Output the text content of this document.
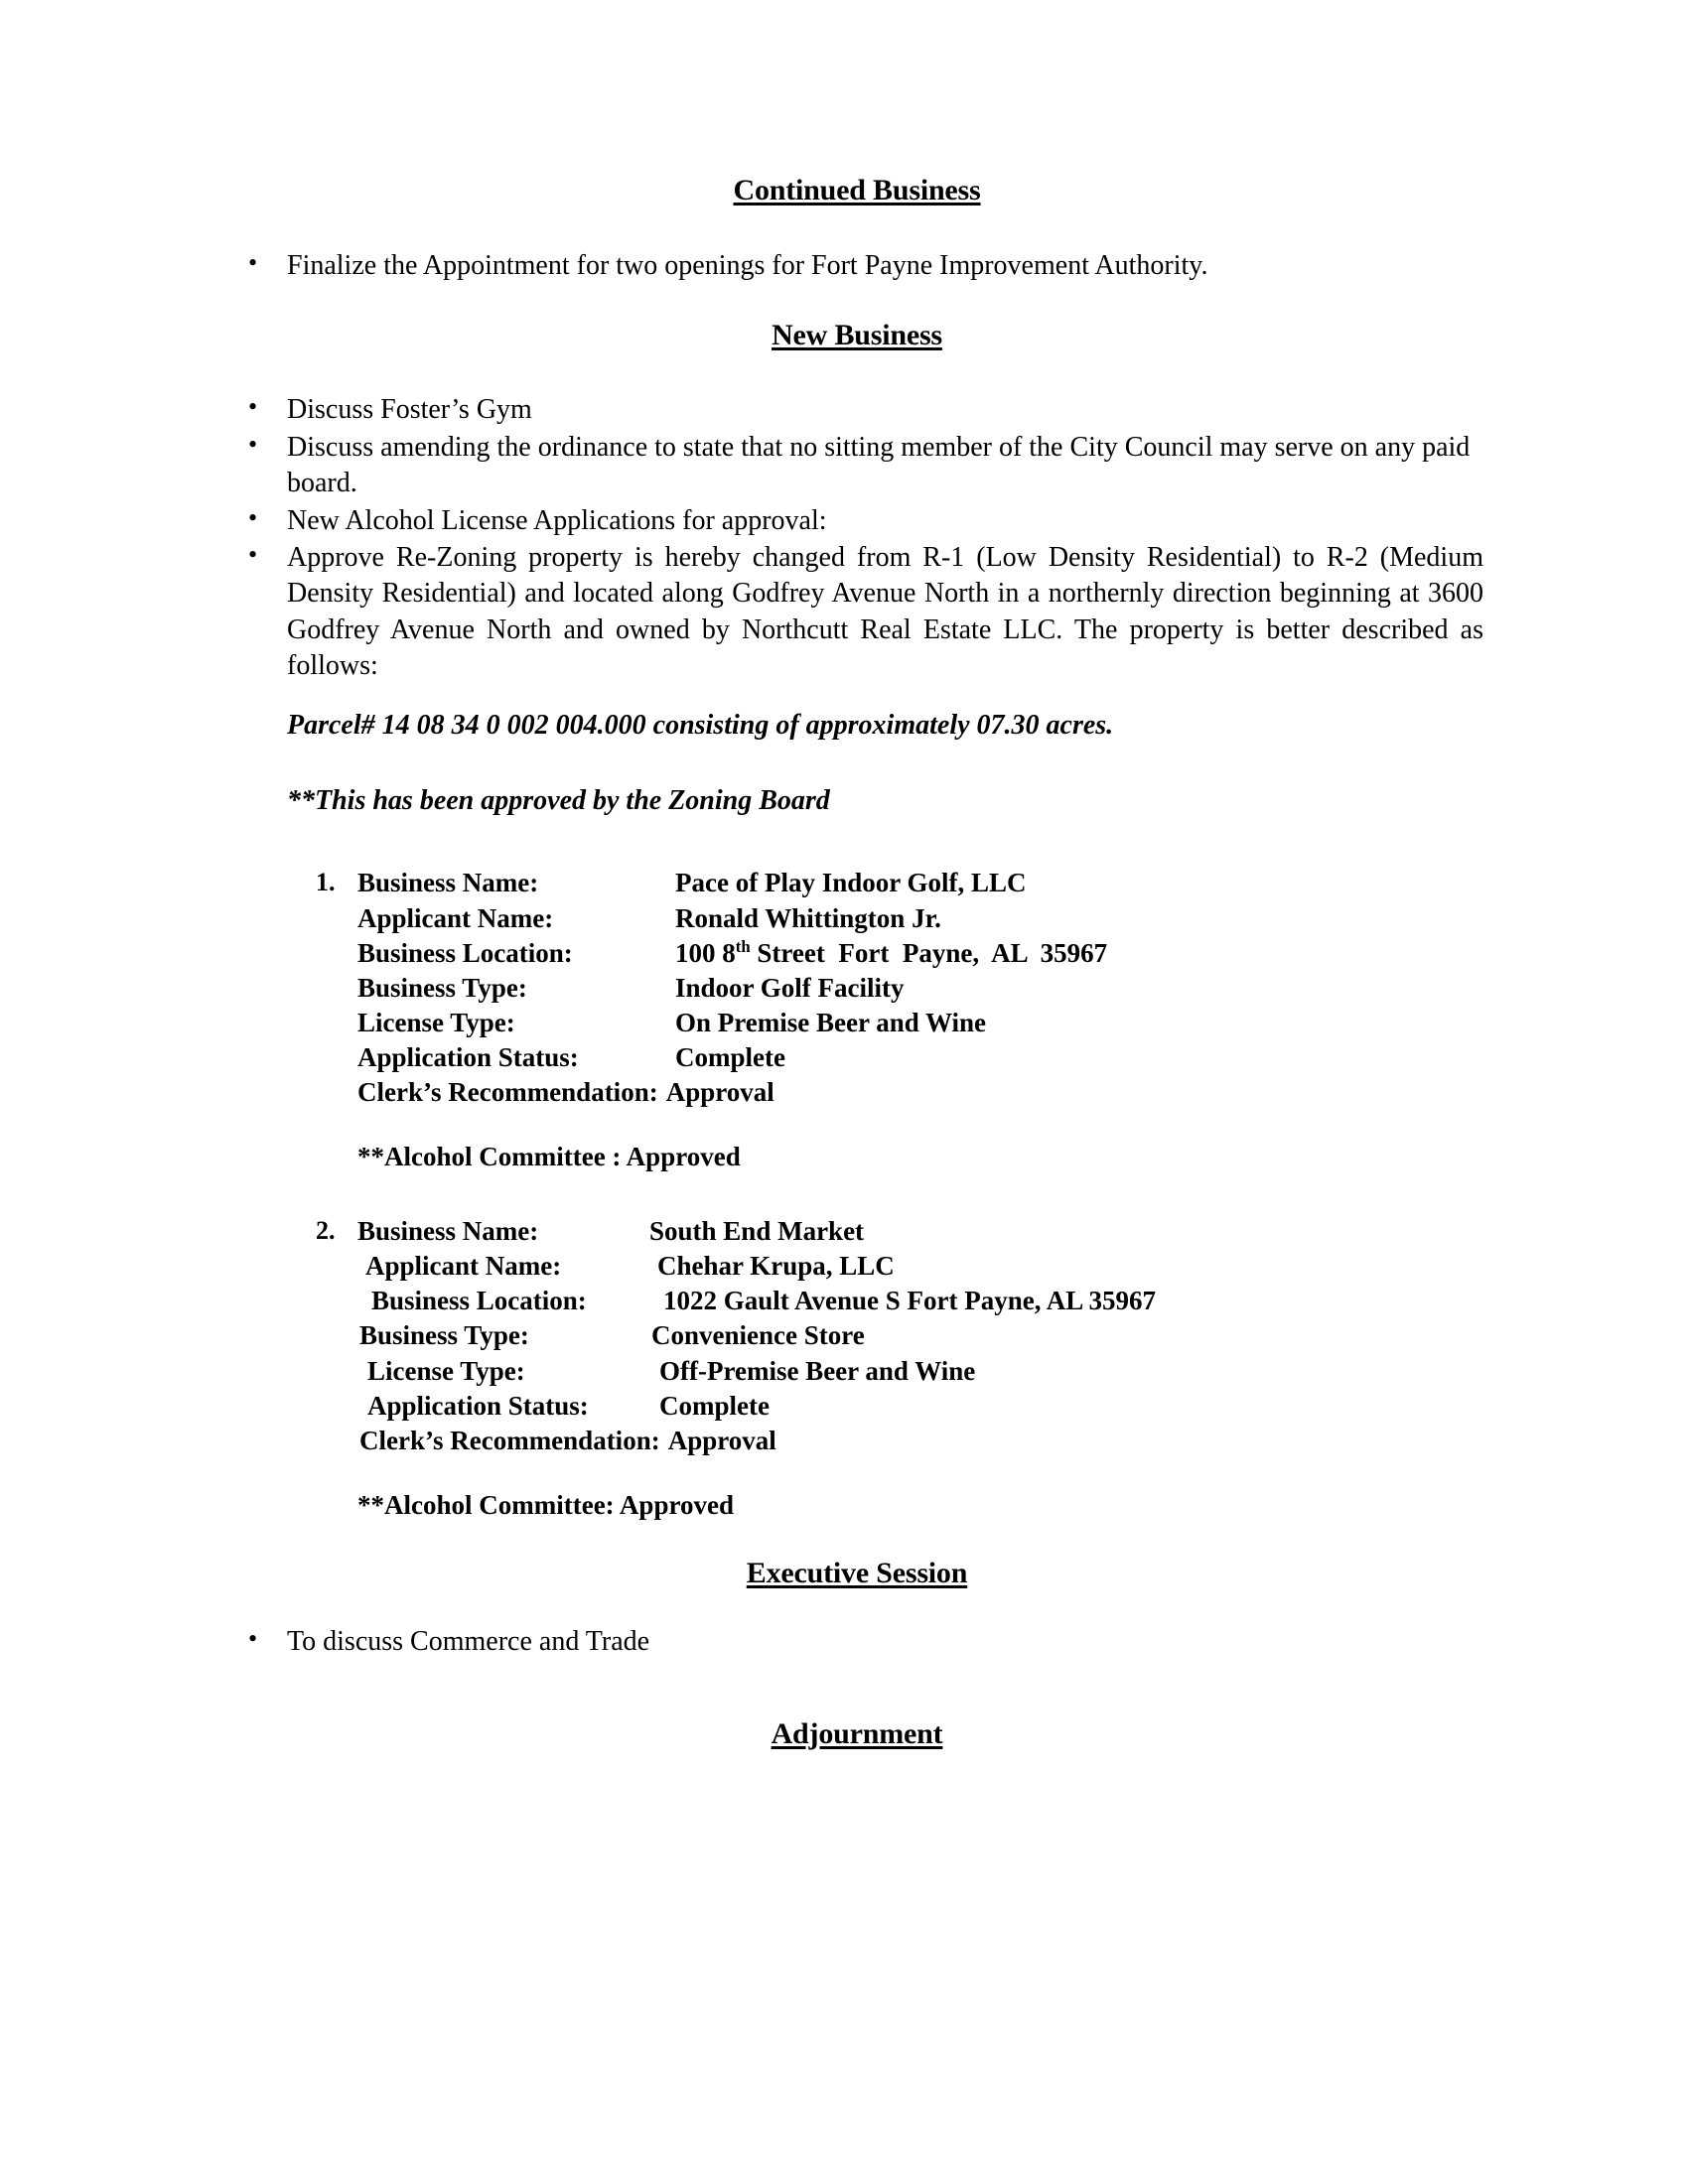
Continued Business
• Finalize the Appointment for two openings for Fort Payne Improvement Authority.
New Business
• Discuss Foster’s Gym
• Discuss amending the ordinance to state that no sitting member of the City Council may serve on any paid board.
• New Alcohol License Applications for approval:
• Approve Re-Zoning property is hereby changed from R-1 (Low Density Residential) to R-2 (Medium Density Residential) and located along Godfrey Avenue North in a northernly direction beginning at 3600 Godfrey Avenue North and owned by Northcutt Real Estate LLC. The property is better described as follows:
Parcel# 14 08 34 0 002 004.000 consisting of approximately 07.30 acres.
**This has been approved by the Zoning Board
1. Business Name:	Pace of Play Indoor Golf, LLC
Applicant Name:	Ronald Whittington Jr.
Business Location:	100 8th Street  Fort  Payne,  AL  35967
Business Type:	Indoor Golf Facility
License Type:	On Premise Beer and Wine
Application Status:	Complete
Clerk’s Recommendation: Approval
**Alcohol Committee : Approved
2. Business Name:	South End Market
Applicant Name:	Chehar Krupa, LLC
Business Location:	1022 Gault Avenue S Fort Payne, AL 35967
Business Type:	Convenience Store
License Type:	Off-Premise Beer and Wine
Application Status:	Complete
Clerk’s Recommendation: Approval
**Alcohol Committee: Approved
Executive Session
• To discuss Commerce and Trade
Adjournment
